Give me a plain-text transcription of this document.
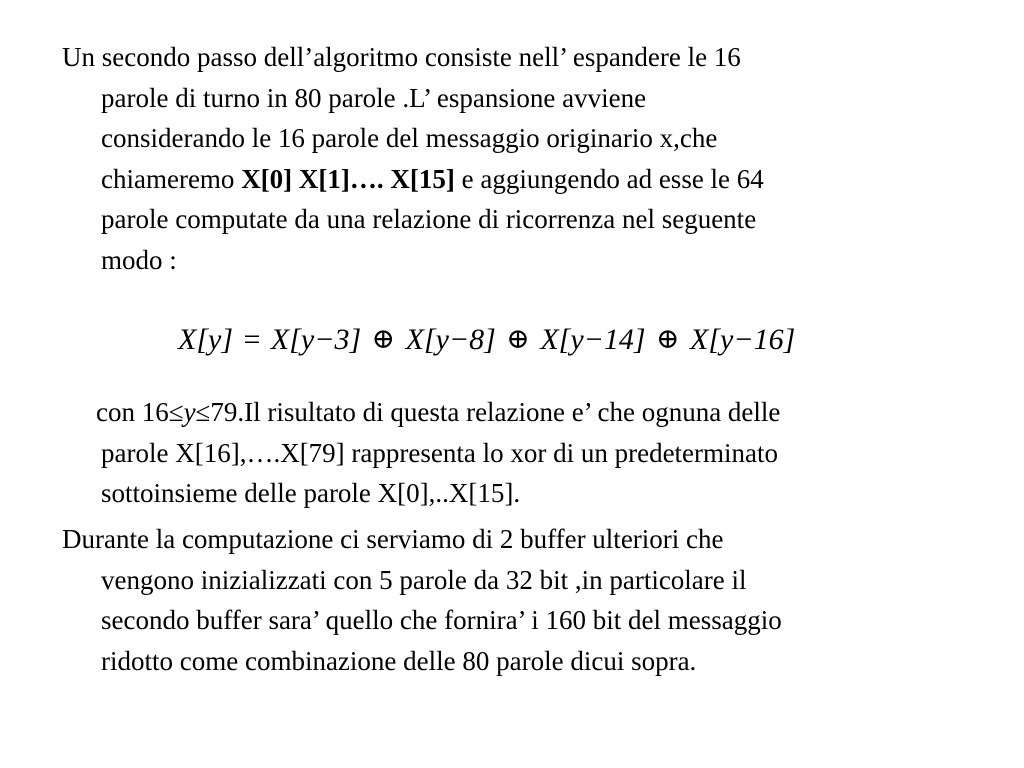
Un secondo passo dell’algoritmo consiste nell’ espandere le 16
parole di turno in 80 parole .L’ espansione avviene
considerando le 16 parole del messaggio originario x,che
chiameremo X[0] X[1]…. X[15] e aggiungendo ad esse le 64
parole computate da una relazione di ricorrenza nel seguente
modo :

X[y] = X[y−3] ⊕ X[y−8] ⊕ X[y−14] ⊕ X[y−16]

con 16≤y≤79.Il risultato di questa relazione e’ che ognuna delle
parole X[16],….X[79] rappresenta lo xor di un predeterminato
sottoinsieme delle parole X[0],..X[15].

Durante la computazione ci serviamo di 2 buffer ulteriori che
vengono inizializzati con 5 parole da 32 bit ,in particolare il
secondo buffer sara’ quello che fornira’ i 160 bit del messaggio
ridotto come combinazione delle 80 parole dicui sopra.
